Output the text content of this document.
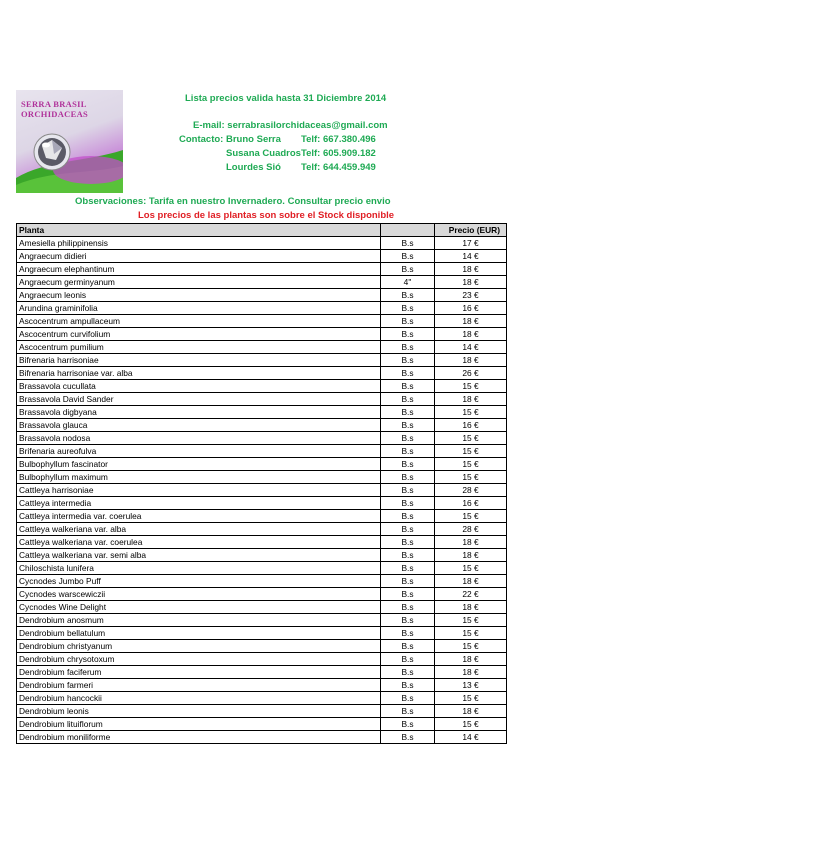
SERRA BRASIL
ORCHIDACEAS
Lista precios valida hasta 31 Diciembre 2014
E-mail: serrabrasilorchidaceas@gmail.com
Contacto: Bruno Serra Telf: 667.380.496
Susana Cuadros Telf: 605.909.182
Lourdes Sió Telf: 644.459.949
Observaciones: Tarifa en nuestro Invernadero. Consultar precio envio
Los precios de las plantas son sobre el Stock disponible
Planta		Precio (EUR)
Amesiella philippinensis	B.s	17 €
Angraecum didieri	B.s	14 €
Angraecum elephantinum	B.s	18 €
Angraecum germinyanum	4"	18 €
Angraecum leonis	B.s	23 €
Arundina graminifolia	B.s	16 €
Ascocentrum ampullaceum	B.s	18 €
Ascocentrum curvifolium	B.s	18 €
Ascocentrum pumilium	B.s	14 €
Bifrenaria harrisoniae	B.s	18 €
Bifrenaria harrisoniae var. alba	B.s	26 €
Brassavola cucullata	B.s	15 €
Brassavola David Sander	B.s	18 €
Brassavola digbyana	B.s	15 €
Brassavola glauca	B.s	16 €
Brassavola nodosa	B.s	15 €
Brifenaria aureofulva	B.s	15 €
Bulbophyllum fascinator	B.s	15 €
Bulbophyllum maximum	B.s	15 €
Cattleya harrisoniae	B.s	28 €
Cattleya intermedia	B.s	16 €
Cattleya intermedia var. coerulea	B.s	15 €
Cattleya walkeriana var. alba	B.s	28 €
Cattleya walkeriana var. coerulea	B.s	18 €
Cattleya walkeriana var. semi alba	B.s	18 €
Chiloschista lunifera	B.s	15 €
Cycnodes Jumbo Puff	B.s	18 €
Cycnodes warscewiczii	B.s	22 €
Cycnodes Wine Delight	B.s	18 €
Dendrobium anosmum	B.s	15 €
Dendrobium bellatulum	B.s	15 €
Dendrobium christyanum	B.s	15 €
Dendrobium chrysotoxum	B.s	18 €
Dendrobium faciferum	B.s	18 €
Dendrobium farmeri	B.s	13 €
Dendrobium hancockii	B.s	15 €
Dendrobium leonis	B.s	18 €
Dendrobium lituiflorum	B.s	15 €
Dendrobium moniliforme	B.s	14 €
